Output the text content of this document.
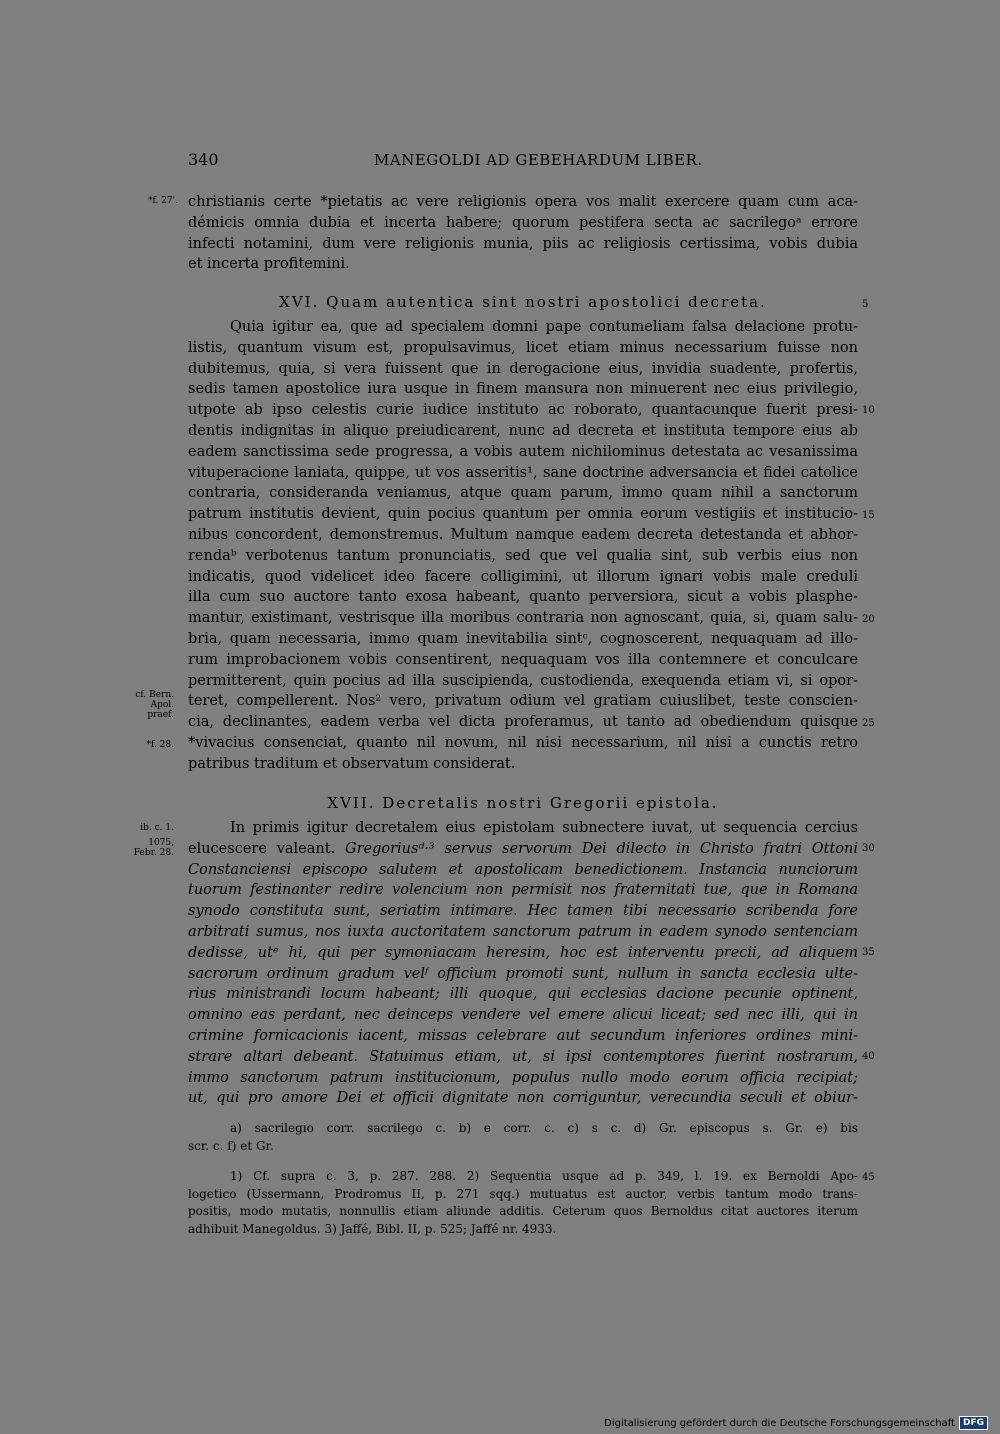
340	MANEGOLDI AD GEBEHARDUM LIBER.
christianis certe *pietatis ac vere religionis opera vos malit exercere quam cum aca-
démicis omnia dubia et incerta habere; quorum pestifera secta ac sacrilegoᵃ errore
infecti notamini, dum vere religionis munia, piis ac religiosis certissima, vobis dubia
et incerta profitemini.
XVI. Quam autentica sint nostri apostolici decreta.
Quia igitur ea, que ad specialem domni pape contumeliam falsa delacione protu-
listis, quantum visum est, propulsavimus, licet etiam minus necessarium fuisse non
dubitemus, quia, si vera fuissent que in derogacione eius, invidia suadente, profertis,
sedis tamen apostolice iura usque in finem mansura non minuerent nec eius privilegio,
utpote ab ipso celestis curie iudice instituto ac roborato, quantacunque fuerit presi-
dentis indignitas in aliquo preiudicarent, nunc ad decreta et instituta tempore eius ab
eadem sanctissima sede progressa, a vobis autem nichilominus detestata ac vesanissima
vituperacione laniata, quippe, ut vos asseritis¹, sane doctrine adversancia et fidei catolice
contraria, consideranda veniamus, atque quam parum, immo quam nihil a sanctorum
patrum institutis devient, quin pocius quantum per omnia eorum vestigiis et institucio-
nibus concordent, demonstremus. Multum namque eadem decreta detestanda et abhor-
rendaᵇ verbotenus tantum pronunciatis, sed que vel qualia sint, sub verbis eius non
indicatis, quod videlicet ideo facere colligimini, ut illorum ignari vobis male creduli
illa cum suo auctore tanto exosa habeant, quanto perversiora, sicut a vobis plasphe-
mantur, existimant, vestrisque illa moribus contraria non agnoscant, quia, si, quam salu-
bria, quam necessaria, immo quam inevitabilia sintᶜ, cognoscerent, nequaquam ad illo-
rum improbacionem vobis consentirent, nequaquam vos illa contemnere et conculcare
permitterent, quin pocius ad illa suscipienda, custodienda, exequenda etiam vi, si opor-
teret, compellerent. Nos² vero, privatum odium vel gratiam cuiuslibet, teste conscien-
cia, declinantes, eadem verba vel dicta proferamus, ut tanto ad obediendum quisque
*vivacius consenciat, quanto nil novum, nil nisi necessarium, nil nisi a cunctis retro
patribus traditum et observatum considerat.
XVII. Decretalis nostri Gregorii epistola.
In primis igitur decretalem eius epistolam subnectere iuvat, ut sequencia cercius
elucescere valeant. Gregoriusᵈ·³ servus servorum Dei dilecto in Christo fratri Ottoni
Constanciensi episcopo salutem et apostolicam benedictionem. Instancia nunciorum
tuorum festinanter redire volencium non permisit nos fraternitati tue, que in Romana
synodo constituta sunt, seriatim intimare. Hec tamen tibi necessario scribenda fore
arbitrati sumus, nos iuxta auctoritatem sanctorum patrum in eadem synodo sentenciam
dedisse, utᵉ hi, qui per symoniacam heresim, hoc est interventu precii, ad aliquem
sacrorum ordinum gradum velᶠ officium promoti sunt, nullum in sancta ecclesia ulte-
rius ministrandi locum habeant; illi quoque, qui ecclesias dacione pecunie optinent,
omnino eas perdant, nec deinceps vendere vel emere alicui liceat; sed nec illi, qui in
crimine fornicacionis iacent, missas celebrare aut secundum inferiores ordines mini-
strare altari debeant. Statuimus etiam, ut, si ipsi contemptores fuerint nostrarum,
immo sanctorum patrum institucionum, populus nullo modo eorum officia recipiat;
ut, qui pro amore Dei et officii dignitate non corriguntur, verecundia seculi et obiur-
*f. 27'.
cf. Bern. Apol. praef.
*f. 28.
ib. c. 1.
1075, Febr. 28.
5
10
15
20
25
30
35
40
45
a) sacrilegio corr. sacrilego c. b) e corr. c. c) s c. d) Gr. episcopus s. Gr. e) bis
scr. c. f) et Gr.
1) Cf. supra c. 3, p. 287. 288. 2) Sequentia usque ad p. 349, l. 19. ex Bernoldi Apo-
logetico (Ussermann, Prodromus II, p. 271 sqq.) mutuatus est auctor, verbis tantum modo trans-
positis, modo mutatis, nonnullis etiam aliunde additis. Ceterum quos Bernoldus citat auctores iterum
adhibuit Manegoldus. 3) Jaffé, Bibl. II, p. 525; Jaffé nr. 4933.
Digitalisierung gefördert durch die Deutsche Forschungsgemeinschaft DFG
